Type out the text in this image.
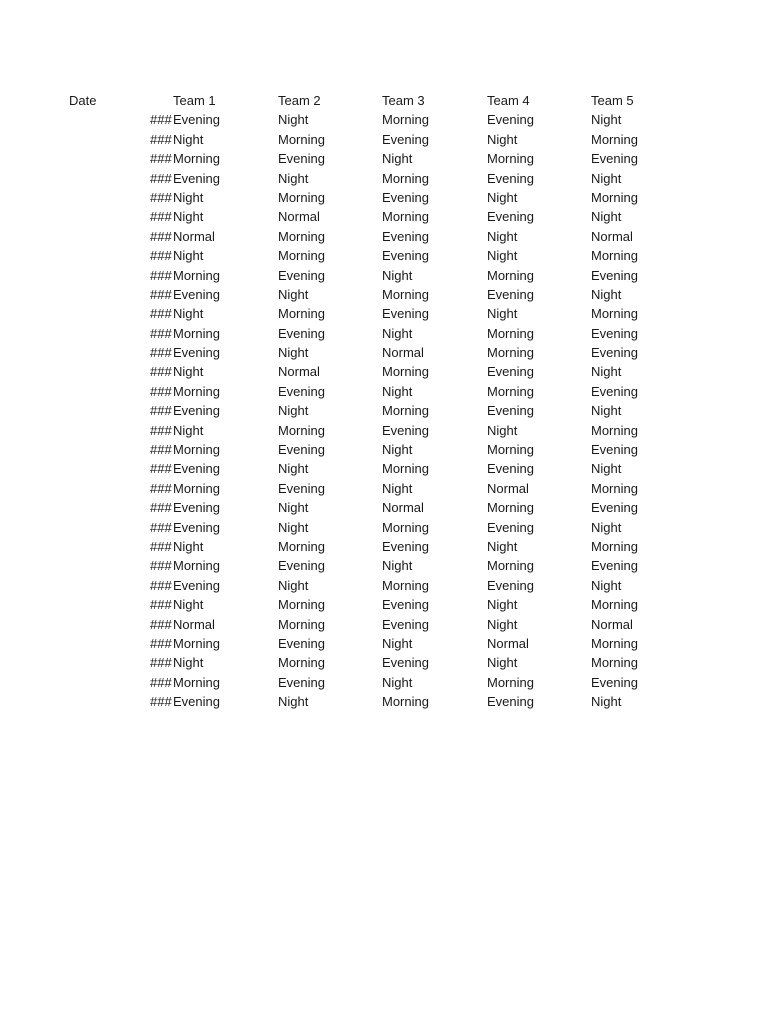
Date	Team 1	Team 2	Team 3	Team 4	Team 5
### Evening	Night	Morning	Evening	Night
### Night	Morning	Evening	Night	Morning
### Morning	Evening	Night	Morning	Evening
### Evening	Night	Morning	Evening	Night
### Night	Morning	Evening	Night	Morning
### Night	Normal	Morning	Evening	Night
### Normal	Morning	Evening	Night	Normal
### Night	Morning	Evening	Night	Morning
### Morning	Evening	Night	Morning	Evening
### Evening	Night	Morning	Evening	Night
### Night	Morning	Evening	Night	Morning
### Morning	Evening	Night	Morning	Evening
### Evening	Night	Normal	Morning	Evening
### Night	Normal	Morning	Evening	Night
### Morning	Evening	Night	Morning	Evening
### Evening	Night	Morning	Evening	Night
### Night	Morning	Evening	Night	Morning
### Morning	Evening	Night	Morning	Evening
### Evening	Night	Morning	Evening	Night
### Morning	Evening	Night	Normal	Morning
### Evening	Night	Normal	Morning	Evening
### Evening	Night	Morning	Evening	Night
### Night	Morning	Evening	Night	Morning
### Morning	Evening	Night	Morning	Evening
### Evening	Night	Morning	Evening	Night
### Night	Morning	Evening	Night	Morning
### Normal	Morning	Evening	Night	Normal
### Morning	Evening	Night	Normal	Morning
### Night	Morning	Evening	Night	Morning
### Morning	Evening	Night	Morning	Evening
### Evening	Night	Morning	Evening	Night
